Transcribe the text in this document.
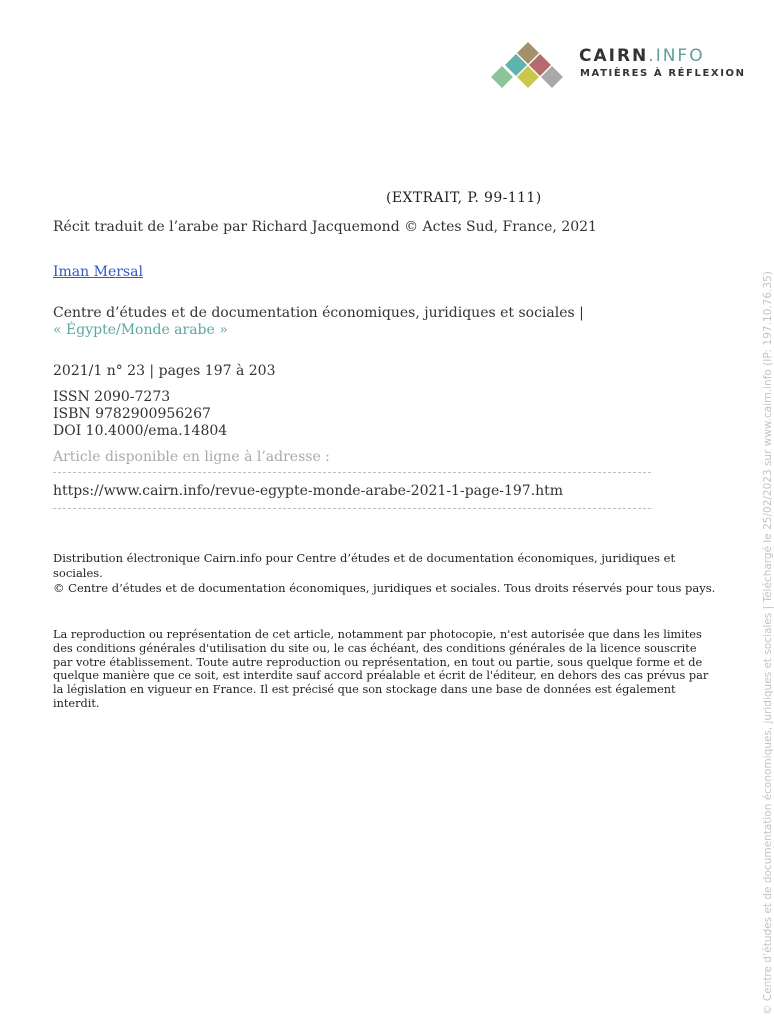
CAIRN.INFO
MATIÈRES À RÉFLEXION
(EXTRAIT, P. 99-111)
Récit traduit de l’arabe par Richard Jacquemond © Actes Sud, France, 2021
Iman Mersal
Centre d’études et de documentation économiques, juridiques et sociales |
« Égypte/Monde arabe »
2021/1 n° 23 | pages 197 à 203
ISSN 2090-7273
ISBN 9782900956267
DOI 10.4000/ema.14804
Article disponible en ligne à l’adresse :
https://www.cairn.info/revue-egypte-monde-arabe-2021-1-page-197.htm

Distribution électronique Cairn.info pour Centre d’études et de documentation économiques, juridiques et sociales.

© Centre d’études et de documentation économiques, juridiques et sociales. Tous droits réservés pour tous pays.

La reproduction ou représentation de cet article, notamment par photocopie, n'est autorisée que dans les limites des conditions générales d'utilisation du site ou, le cas échéant, des conditions générales de la licence souscrite par votre établissement. Toute autre reproduction ou représentation, en tout ou partie, sous quelque forme et de quelque manière que ce soit, est interdite sauf accord préalable et écrit de l'éditeur, en dehors des cas prévus par la législation en vigueur en France. Il est précisé que son stockage dans une base de données est également interdit.	© Centre d’études et de documentation économiques, juridiques et sociales | Téléchargé le 25/02/2023 sur www.cairn.info (IP: 197.10.76.35)
